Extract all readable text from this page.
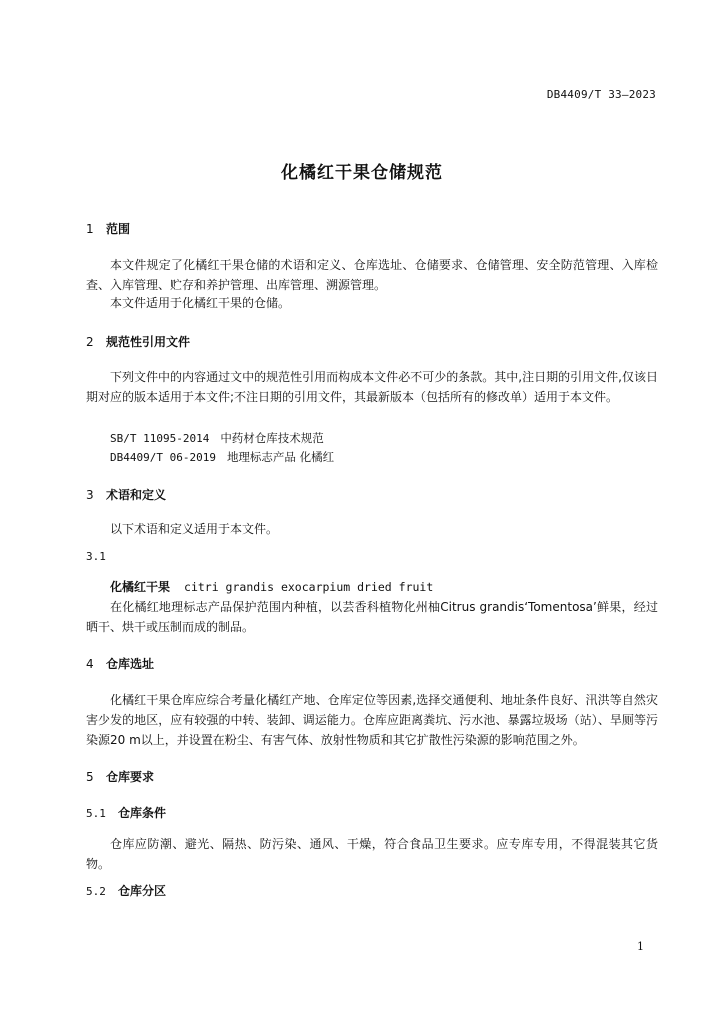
DB4409/T 33—2023
化橘红干果仓储规范
1 范围
本文件规定了化橘红干果仓储的术语和定义、仓库选址、仓储要求、仓储管理、安全防范管理、入库检查、入库管理、贮存和养护管理、出库管理、溯源管理。
本文件适用于化橘红干果的仓储。
2 规范性引用文件
下列文件中的内容通过文中的规范性引用而构成本文件必不可少的条款。其中,注日期的引用文件,仅该日期对应的版本适用于本文件;不注日期的引用文件，其最新版本（包括所有的修改单）适用于本文件。
SB/T 11095-2014 中药材仓库技术规范
DB4409/T 06-2019 地理标志产品 化橘红
3 术语和定义
以下术语和定义适用于本文件。
3.1
化橘红干果 citri grandis exocarpium dried fruit
在化橘红地理标志产品保护范围内种植，以芸香科植物化州柚Citrus grandis‘Tomentosa’鲜果，经过晒干、烘干或压制而成的制品。
4 仓库选址
化橘红干果仓库应综合考量化橘红产地、仓库定位等因素,选择交通便利、地址条件良好、汛洪等自然灾害少发的地区，应有较强的中转、装卸、调运能力。仓库应距离粪坑、污水池、暴露垃圾场（站）、旱厕等污染源20 m以上，并设置在粉尘、有害气体、放射性物质和其它扩散性污染源的影响范围之外。
5 仓库要求
5.1 仓库条件
仓库应防潮、避光、隔热、防污染、通风、干燥，符合食品卫生要求。应专库专用，不得混装其它货物。
5.2 仓库分区
1
